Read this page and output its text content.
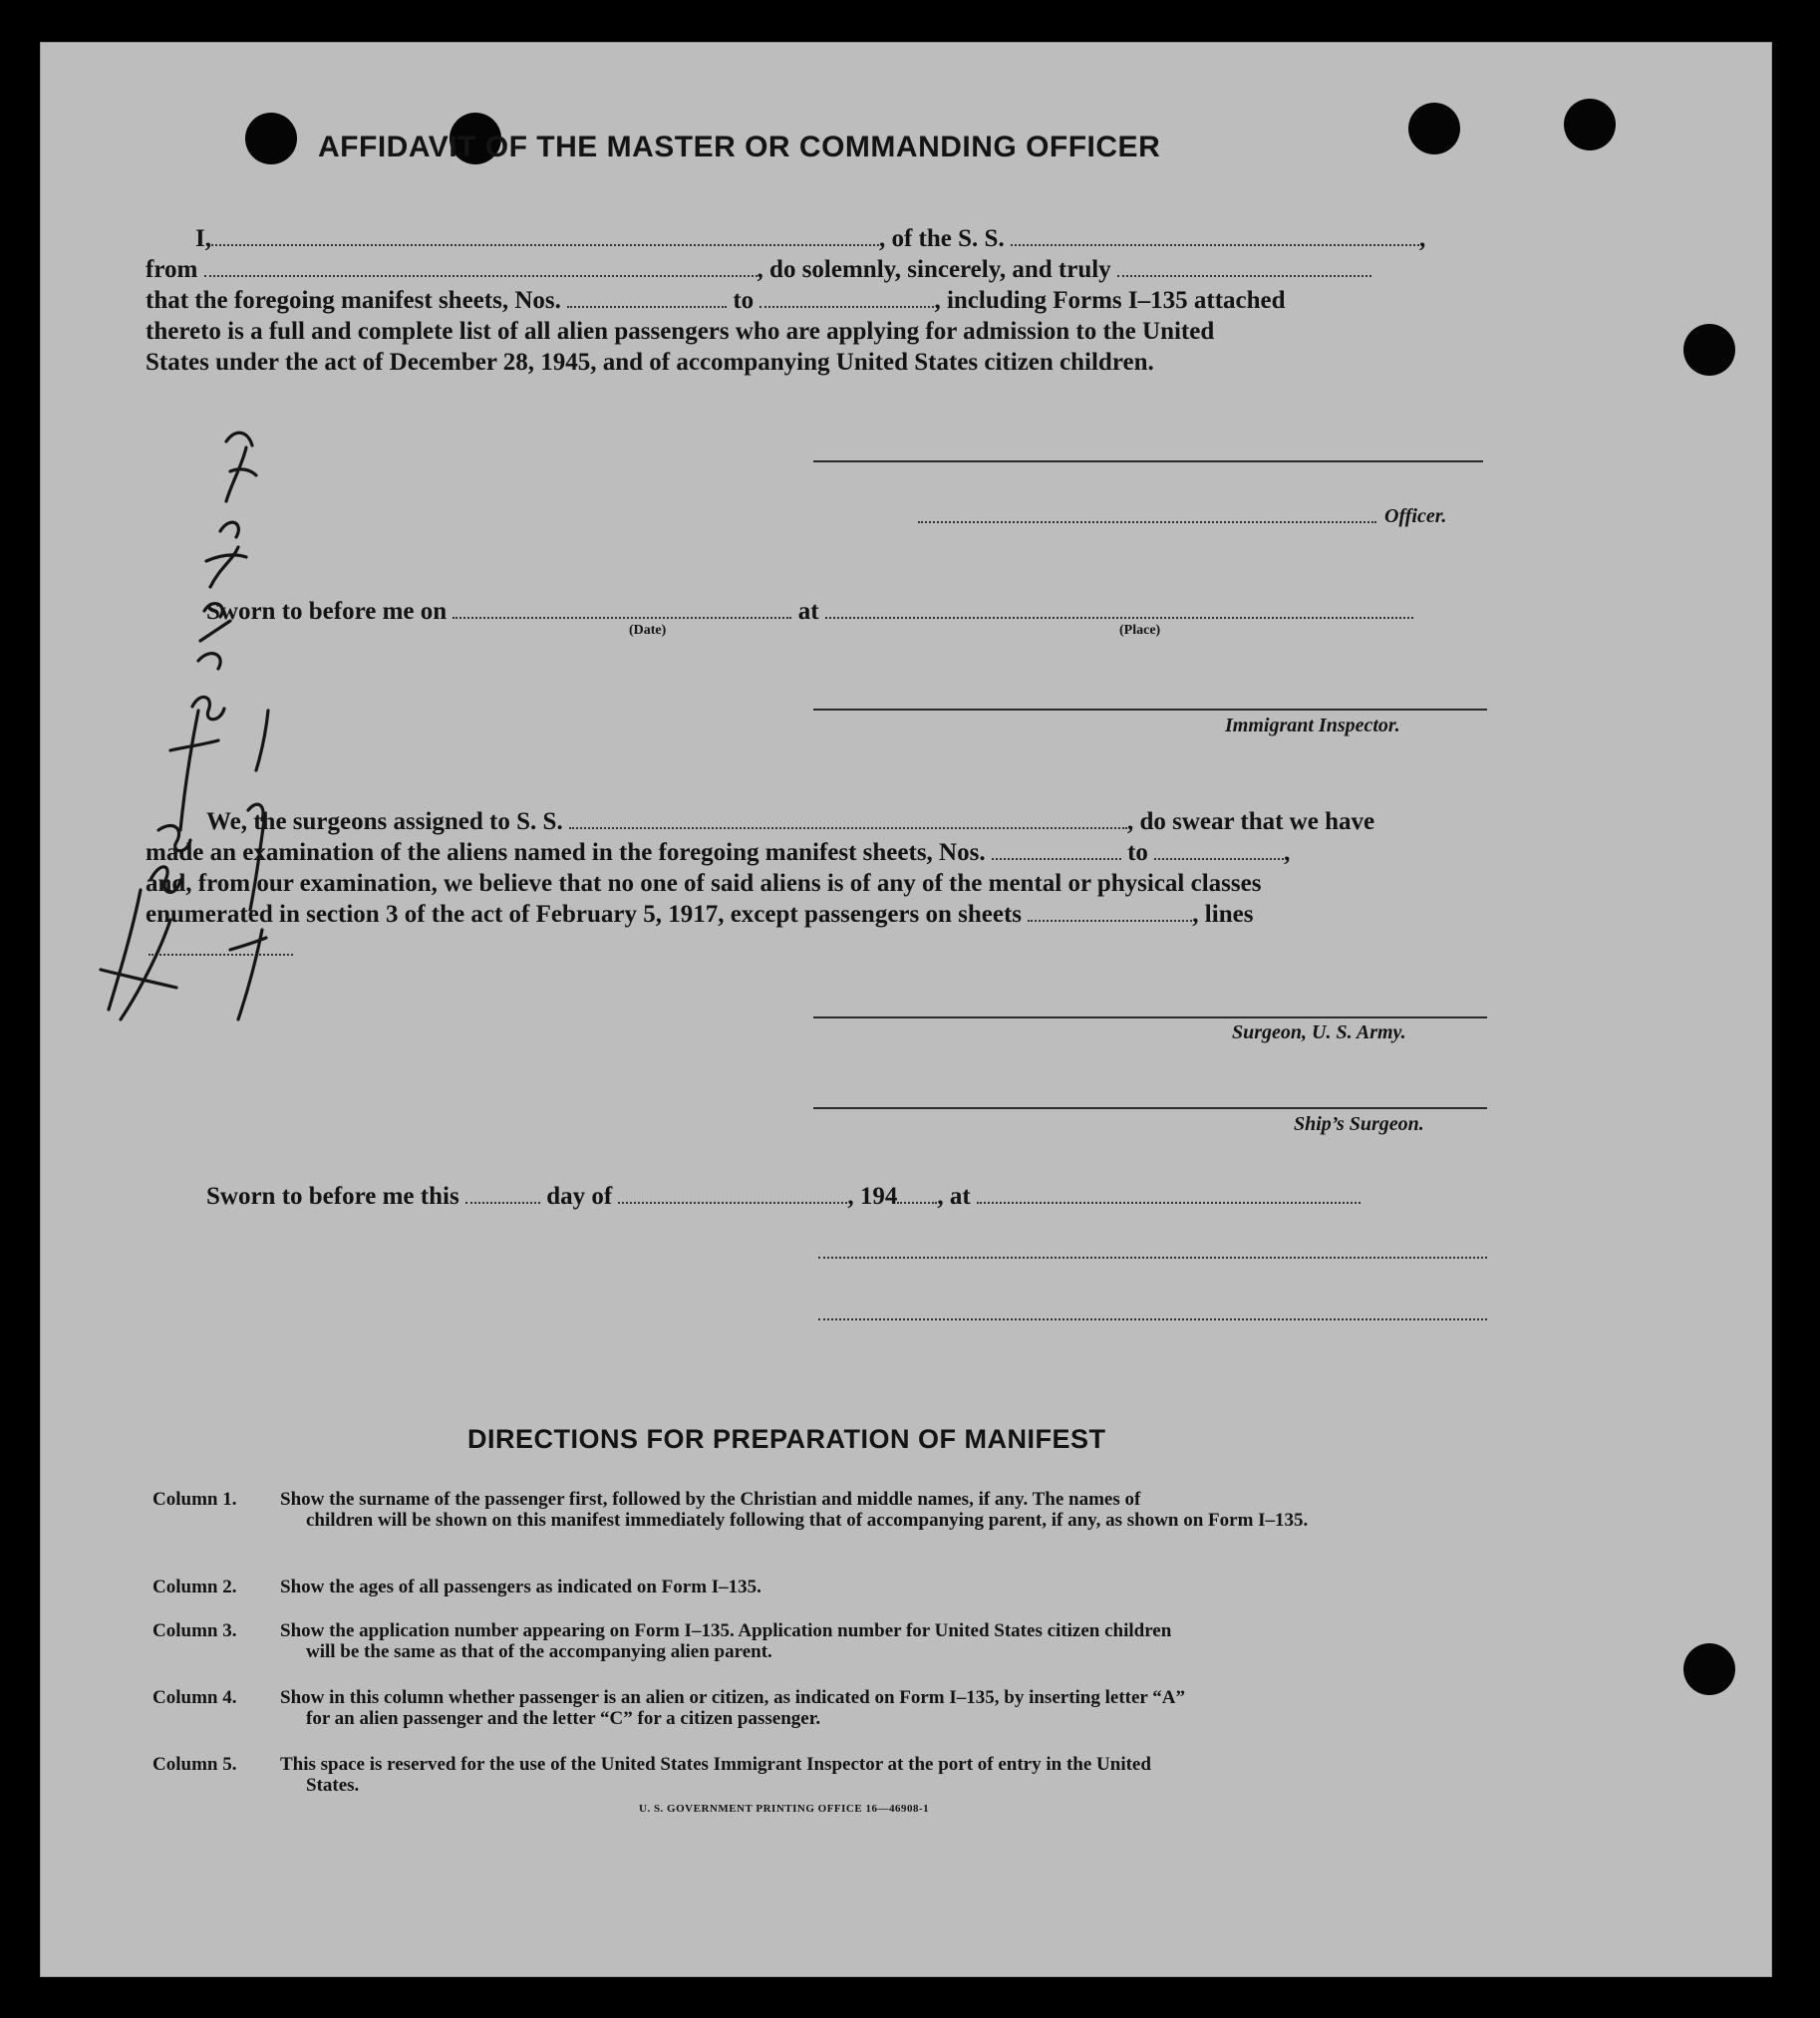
AFFIDAVIT OF THE MASTER OR COMMANDING OFFICER
I,	, of the S. S.	,
from	, do solemnly, sincerely, and truly
that the foregoing manifest sheets, Nos.	to	, including Forms I–135 attached
thereto is a full and complete list of all alien passengers who are applying for admission to the United
States under the act of December 28, 1945, and of accompanying United States citizen children.
Officer.
Sworn to before me on	at
(Date)	(Place)
Immigrant Inspector.
We, the surgeons assigned to S. S.	, do swear that we have
made an examination of the aliens named in the foregoing manifest sheets, Nos.	to	,
and, from our examination, we believe that no one of said aliens is of any of the mental or physical classes
enumerated in section 3 of the act of February 5, 1917, except passengers on sheets	, lines
Surgeon, U. S. Army.
Ship’s Surgeon.
Sworn to before me this	day of	, 194 , at
DIRECTIONS FOR PREPARATION OF MANIFEST
Column 1. Show the surname of the passenger first, followed by the Christian and middle names, if any. The names of
children will be shown on this manifest immediately following that of accompanying parent, if any, as shown on Form I–135.
Column 2. Show the ages of all passengers as indicated on Form I–135.
Column 3. Show the application number appearing on Form I–135. Application number for United States citizen children
will be the same as that of the accompanying alien parent.
Column 4. Show in this column whether passenger is an alien or citizen, as indicated on Form I–135, by inserting letter “A”
for an alien passenger and the letter “C” for a citizen passenger.
Column 5. This space is reserved for the use of the United States Immigrant Inspector at the port of entry in the United
States.
U. S. GOVERNMENT PRINTING OFFICE 16—46908-1
